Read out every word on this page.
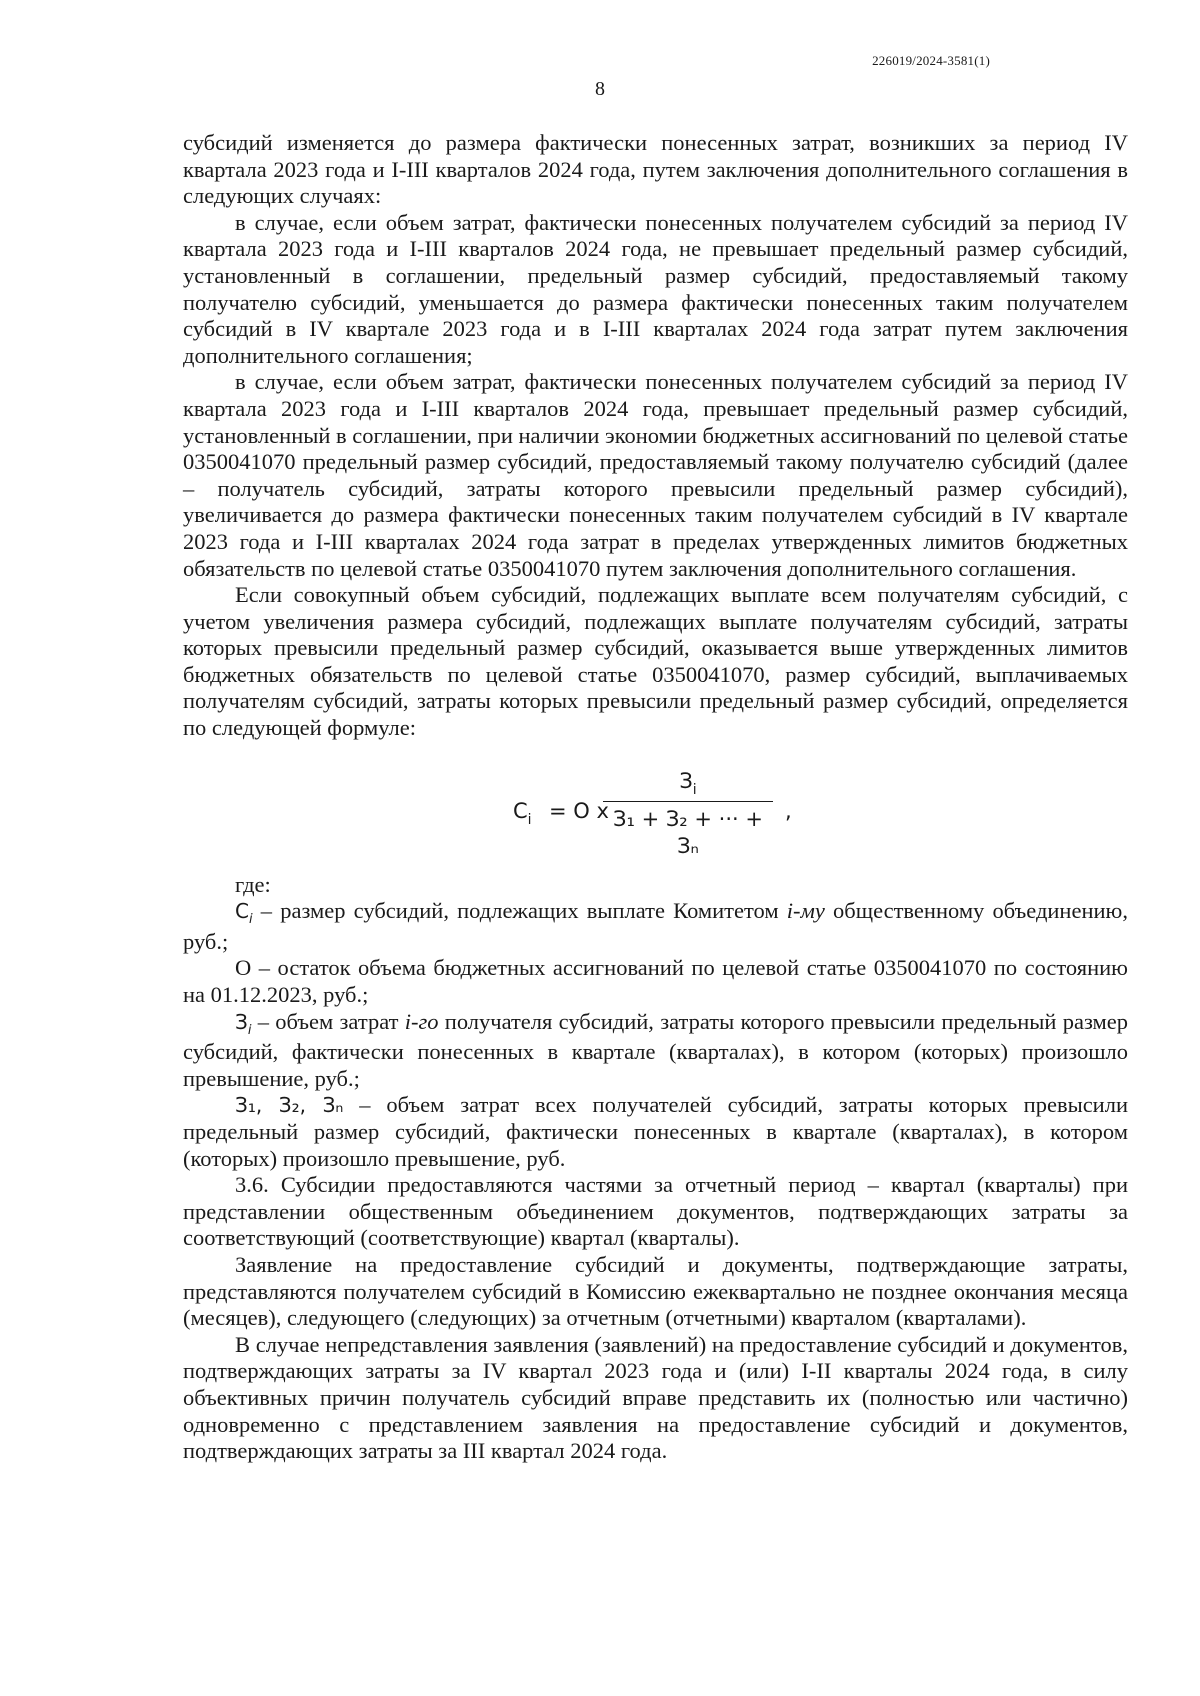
226019/2024-3581(1)
8

субсидий изменяется до размера фактически понесенных затрат, возникших за период IV квартала 2023 года и I-III кварталов 2024 года, путем заключения дополнительного соглашения в следующих случаях:

в случае, если объем затрат, фактически понесенных получателем субсидий за период IV квартала 2023 года и I-III кварталов 2024 года, не превышает предельный размер субсидий, установленный в соглашении, предельный размер субсидий, предоставляемый такому получателю субсидий, уменьшается до размера фактически понесенных таким получателем субсидий в IV квартале 2023 года и в I-III кварталах 2024 года затрат путем заключения дополнительного соглашения;

в случае, если объем затрат, фактически понесенных получателем субсидий за период IV квартала 2023 года и I-III кварталов 2024 года, превышает предельный размер субсидий, установленный в соглашении, при наличии экономии бюджетных ассигнований по целевой статье 0350041070 предельный размер субсидий, предоставляемый такому получателю субсидий (далее – получатель субсидий, затраты которого превысили предельный размер субсидий), увеличивается до размера фактически понесенных таким получателем субсидий в IV квартале 2023 года и I-III кварталах 2024 года затрат в пределах утвержденных лимитов бюджетных обязательств по целевой статье 0350041070 путем заключения дополнительного соглашения.

Если совокупный объем субсидий, подлежащих выплате всем получателям субсидий, с учетом увеличения размера субсидий, подлежащих выплате получателям субсидий, затраты которых превысили предельный размер субсидий, оказывается выше утвержденных лимитов бюджетных обязательств по целевой статье 0350041070, размер субсидий, выплачиваемых получателям субсидий, затраты которых превысили предельный размер субсидий, определяется по следующей формуле:

$C_i = O$ x
$З_i$
З₁ + З₂ + ··· + Зₙ
,

где:

$C_i$ – размер субсидий, подлежащих выплате Комитетом i-му общественному объединению, руб.;

О – остаток объема бюджетных ассигнований по целевой статье 0350041070 по состоянию на 01.12.2023, руб.;

$З_i$ – объем затрат i-го получателя субсидий, затраты которого превысили предельный размер субсидий, фактически понесенных в квартале (кварталах), в котором (которых) произошло превышение, руб.;

З₁, З₂, Зₙ – объем затрат всех получателей субсидий, затраты которых превысили предельный размер субсидий, фактически понесенных в квартале (кварталах), в котором (которых) произошло превышение, руб.

3.6. Субсидии предоставляются частями за отчетный период – квартал (кварталы) при представлении общественным объединением документов, подтверждающих затраты за соответствующий (соответствующие) квартал (кварталы).

Заявление на предоставление субсидий и документы, подтверждающие затраты, представляются получателем субсидий в Комиссию ежеквартально не позднее окончания месяца (месяцев), следующего (следующих) за отчетным (отчетными) кварталом (кварталами).

В случае непредставления заявления (заявлений) на предоставление субсидий и документов, подтверждающих затраты за IV квартал 2023 года и (или) I-II кварталы 2024 года, в силу объективных причин получатель субсидий вправе представить их (полностью или частично) одновременно с представлением заявления на предоставление субсидий и документов, подтверждающих затраты за III квартал 2024 года.
